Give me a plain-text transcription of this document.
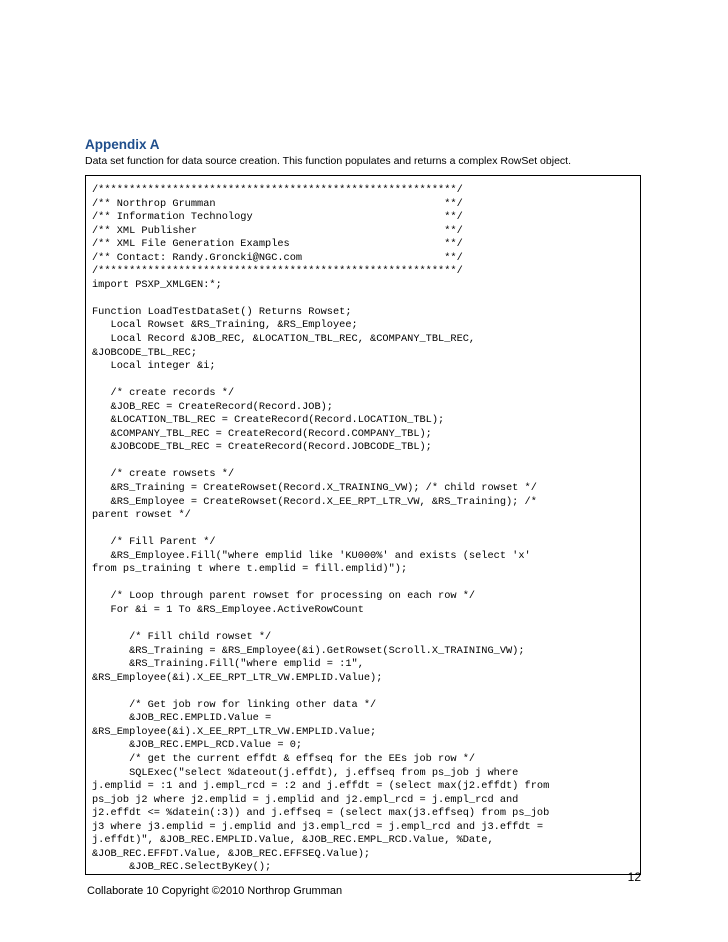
Appendix A
Data set function for data source creation. This function populates and returns a complex RowSet object.
/**********************************************************/
/** Northrop Grumman                                     **/
/** Information Technology                               **/
/** XML Publisher                                        **/
/** XML File Generation Examples                         **/
/** Contact: Randy.Groncki@NGC.com                       **/
/**********************************************************/
import PSXP_XMLGEN:*;

Function LoadTestDataSet() Returns Rowset;
Local Rowset &RS_Training, &RS_Employee;
Local Record &JOB_REC, &LOCATION_TBL_REC, &COMPANY_TBL_REC,
&JOBCODE_TBL_REC;
Local integer &i;

/* create records */
&JOB_REC = CreateRecord(Record.JOB);
&LOCATION_TBL_REC = CreateRecord(Record.LOCATION_TBL);
&COMPANY_TBL_REC = CreateRecord(Record.COMPANY_TBL);
&JOBCODE_TBL_REC = CreateRecord(Record.JOBCODE_TBL);

/* create rowsets */
&RS_Training = CreateRowset(Record.X_TRAINING_VW); /* child rowset */
&RS_Employee = CreateRowset(Record.X_EE_RPT_LTR_VW, &RS_Training); /*
parent rowset */

/* Fill Parent */
&RS_Employee.Fill("where emplid like 'KU000%' and exists (select 'x'
from ps_training t where t.emplid = fill.emplid)");

/* Loop through parent rowset for processing on each row */
For &i = 1 To &RS_Employee.ActiveRowCount

/* Fill child rowset */
&RS_Training = &RS_Employee(&i).GetRowset(Scroll.X_TRAINING_VW);
&RS_Training.Fill("where emplid = :1",
&RS_Employee(&i).X_EE_RPT_LTR_VW.EMPLID.Value);

/* Get job row for linking other data */
&JOB_REC.EMPLID.Value =
&RS_Employee(&i).X_EE_RPT_LTR_VW.EMPLID.Value;
&JOB_REC.EMPL_RCD.Value = 0;
/* get the current effdt & effseq for the EEs job row */
SQLExec("select %dateout(j.effdt), j.effseq from ps_job j where
j.emplid = :1 and j.empl_rcd = :2 and j.effdt = (select max(j2.effdt) from
ps_job j2 where j2.emplid = j.emplid and j2.empl_rcd = j.empl_rcd and
j2.effdt <= %datein(:3)) and j.effseq = (select max(j3.effseq) from ps_job
j3 where j3.emplid = j.emplid and j3.empl_rcd = j.empl_rcd and j3.effdt =
j.effdt)", &JOB_REC.EMPLID.Value, &JOB_REC.EMPL_RCD.Value, %Date,
&JOB_REC.EFFDT.Value, &JOB_REC.EFFSEQ.Value);
&JOB_REC.SelectByKey();

12
Collaborate 10 Copyright ©2010 Northrop Grumman
